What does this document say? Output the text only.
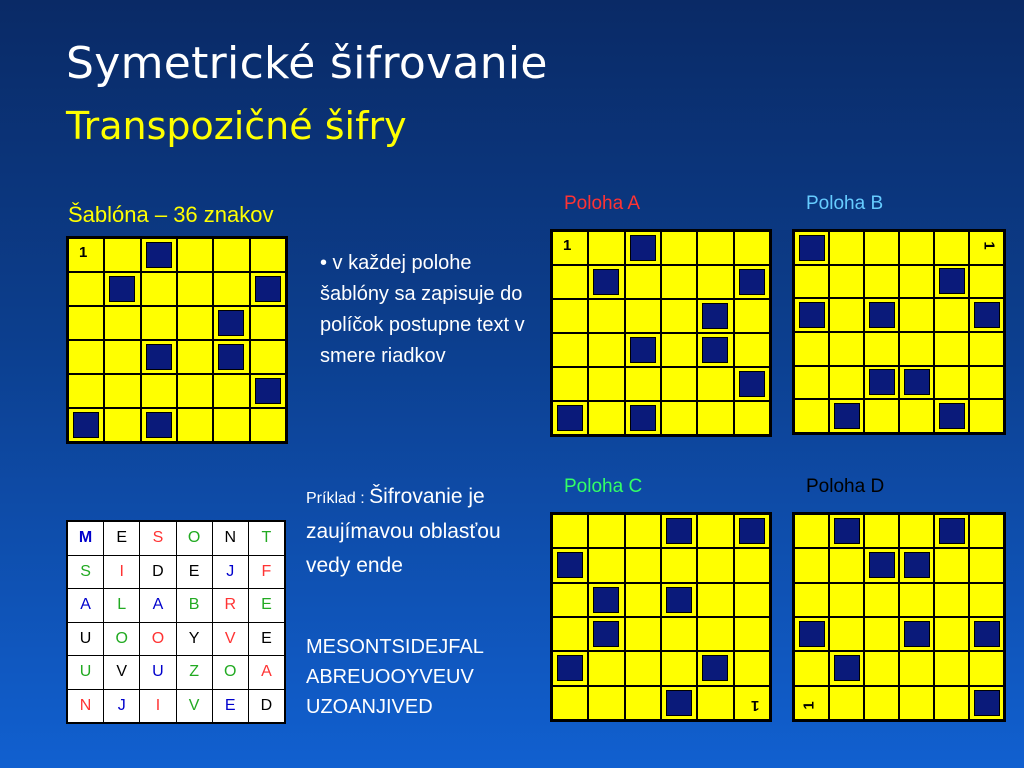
Symetrické šifrovanie
Transpozičné šifry
Šablóna – 36 znakov	Poloha A	Poloha B
Poloha C	Poloha D
1	1	1
1	1
• v každej polohe šablóny sa zapisuje do políčok postupne text v smere riadkov
Príklad : Šifrovanie je zaujímavou oblasťou vedy ende
MESONTSIDEJFAL
ABREUOOYVEUV
UZOANJIVED
M	E	S	O	N	T
S	I	D	E	J	F
A	L	A	B	R	E
U	O	O	Y	V	E
U	V	U	Z	O	A
N	J	I	V	E	D
